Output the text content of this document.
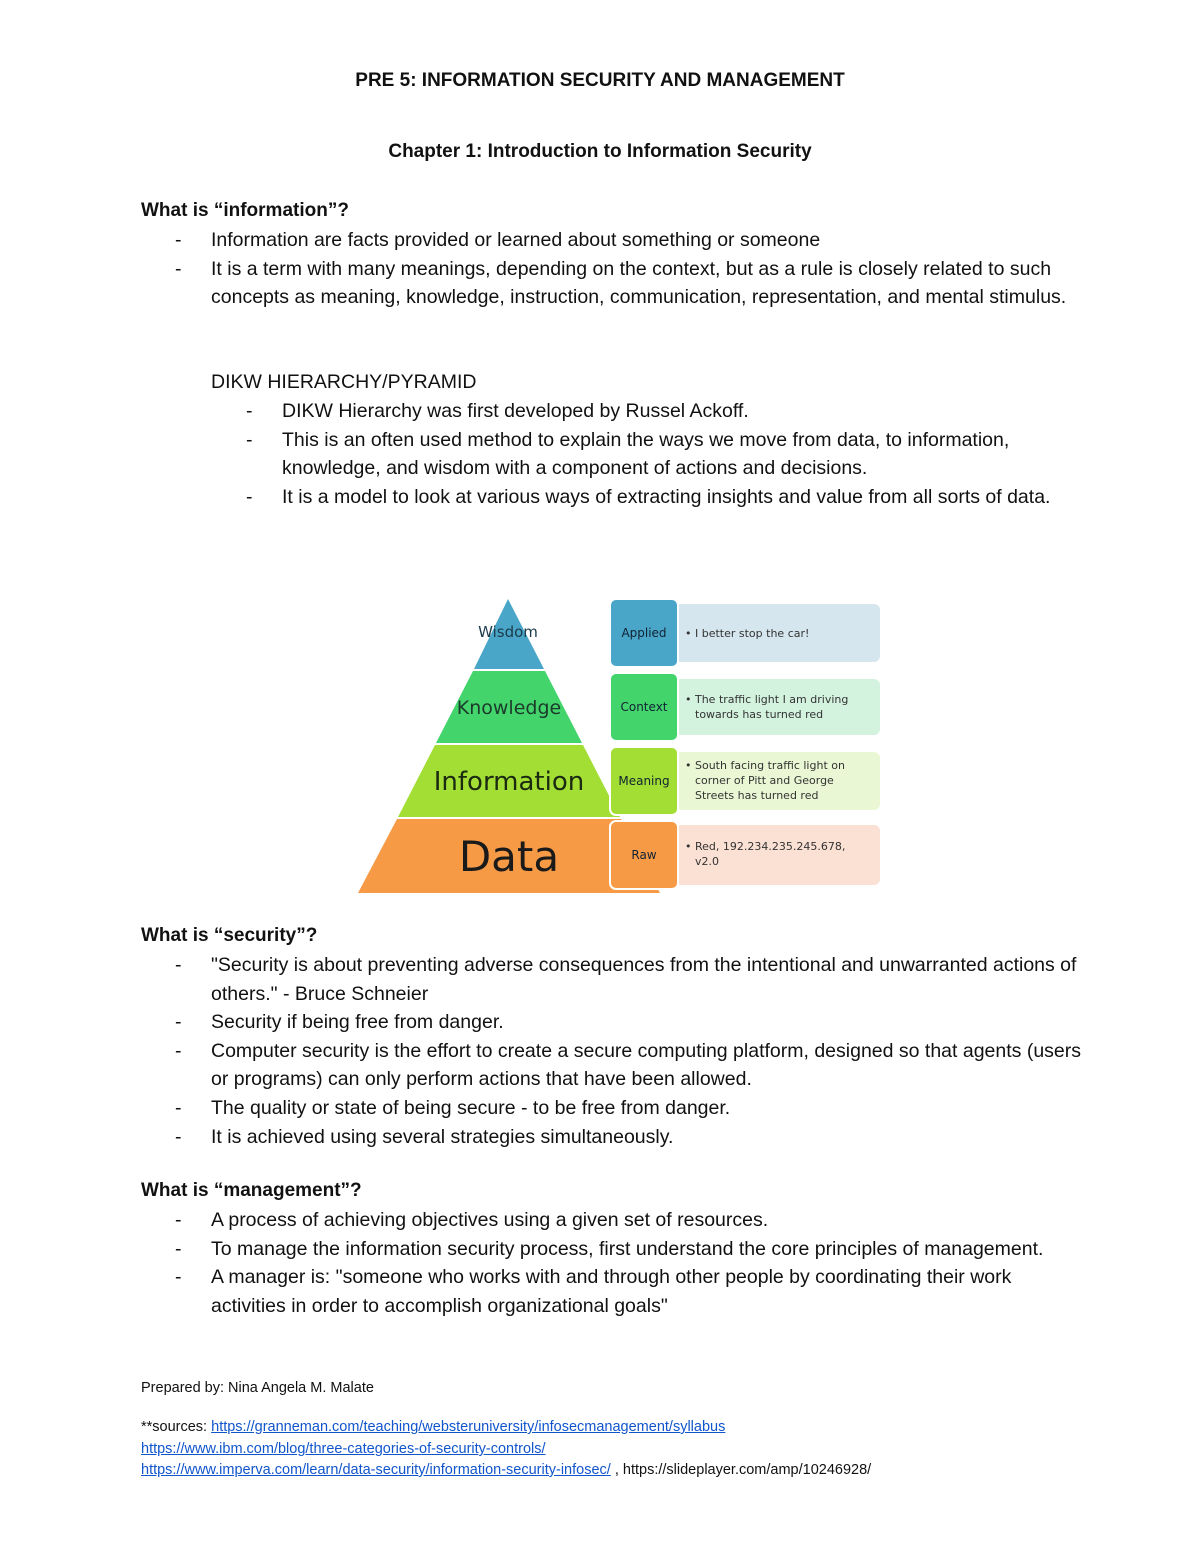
PRE 5: INFORMATION SECURITY AND MANAGEMENT
Chapter 1: Introduction to Information Security
What is “information”?
- Information are facts provided or learned about something or someone
- It is a term with many meanings, depending on the context, but as a rule is closely related to such concepts as meaning, knowledge, instruction, communication, representation, and mental stimulus.
DIKW HIERARCHY/PYRAMID
- DIKW Hierarchy was first developed by Russel Ackoff.
- This is an often used method to explain the ways we move from data, to information, knowledge, and wisdom with a component of actions and decisions.
- It is a model to look at various ways of extracting insights and value from all sorts of data.
Wisdom
Knowledge
Information
Data
Applied
Context
Meaning
Raw
• I better stop the car!
• The traffic light I am driving
towards has turned red
• South facing traffic light on
corner of Pitt and George
Streets has turned red
• Red, 192.234.235.245.678,
v2.0
What is “security”?
- "Security is about preventing adverse consequences from the intentional and unwarranted actions of others." - Bruce Schneier
- Security if being free from danger.
- Computer security is the effort to create a secure computing platform, designed so that agents (users or programs) can only perform actions that have been allowed.
- The quality or state of being secure - to be free from danger.
- It is achieved using several strategies simultaneously.
What is “management”?
- A process of achieving objectives using a given set of resources.
- To manage the information security process, first understand the core principles of management.
- A manager is: "someone who works with and through other people by coordinating their work activities in order to accomplish organizational goals"
Prepared by: Nina Angela M. Malate
**sources: https://granneman.com/teaching/websteruniversity/infosecmanagement/syllabus
https://www.ibm.com/blog/three-categories-of-security-controls/
https://www.imperva.com/learn/data-security/information-security-infosec/ , https://slideplayer.com/amp/10246928/
